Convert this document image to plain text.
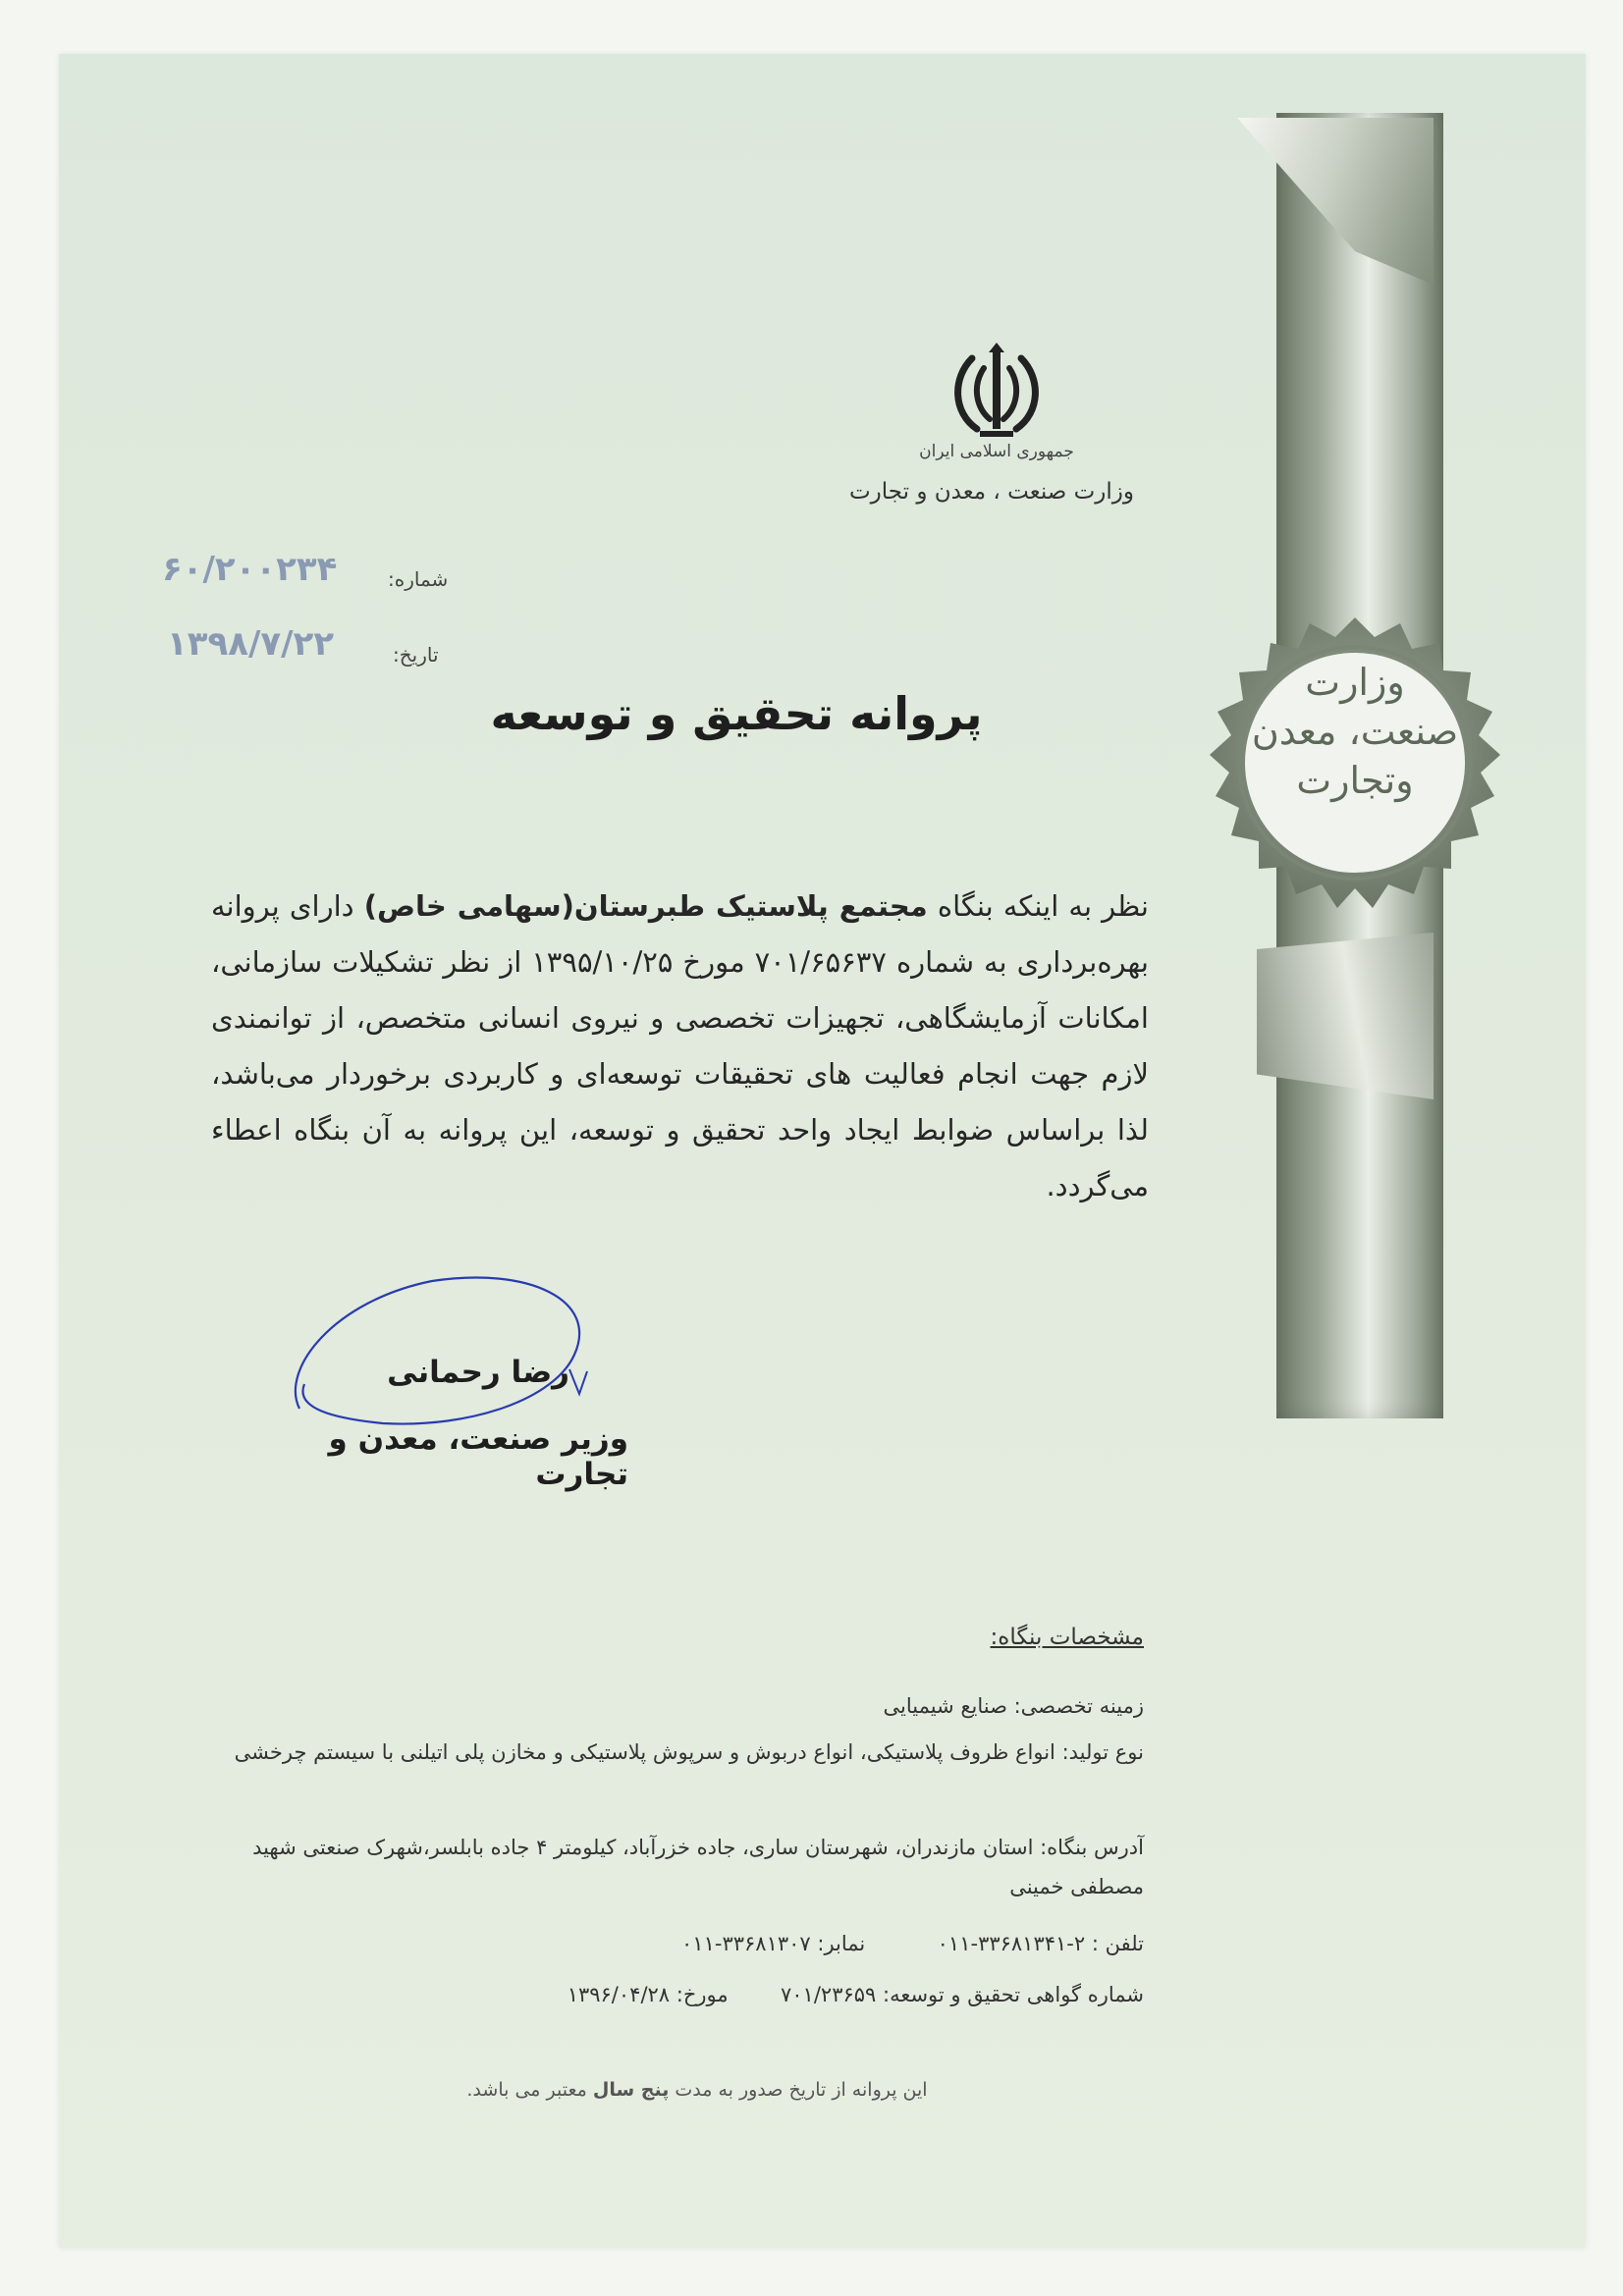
وزارت
صنعت، معدن
وتجارت
جمهوری اسلامی ایران
وزارت صنعت ، معدن و تجارت
شماره:
۶۰/۲۰۰۲۳۴
تاریخ:
۱۳۹۸/۷/۲۲
پروانه تحقیق و توسعه
نظر به اینکه بنگاه مجتمع پلاستیک طبرستان(سهامی خاص) دارای پروانه بهره‌برداری به شماره ۷۰۱/۶۵۶۳۷ مورخ ۱۳۹۵/۱۰/۲۵ از نظر تشکیلات سازمانی، امکانات آزمایشگاهی، تجهیزات تخصصی و نیروی انسانی متخصص، از توانمندی لازم جهت انجام فعالیت های تحقیقات توسعه‌ای و کاربردی برخوردار می‌باشد، لذا براساس ضوابط ایجاد واحد تحقیق و توسعه، این پروانه به آن بنگاه اعطاء می‌گردد.
رضا رحمانی
وزیر صنعت، معدن و تجارت
مشخصات بنگاه:
زمینه تخصصی: صنایع شیمیایی
نوع تولید: انواع ظروف پلاستیکی، انواع دربوش و سرپوش پلاستیکی و مخازن پلی اتیلنی با سیستم چرخشی
آدرس بنگاه: استان مازندران، شهرستان ساری، جاده خزرآباد، کیلومتر ۴ جاده بابلسر،شهرک صنعتی شهید مصطفی خمینی
تلفن : ۲-۳۳۶۸۱۳۴۱-۰۱۱  نمابر: ۳۳۶۸۱۳۰۷-۰۱۱
شماره گواهی تحقیق و توسعه: ۷۰۱/۲۳۶۵۹  مورخ: ۱۳۹۶/۰۴/۲۸
این پروانه از تاریخ صدور به مدت پنج سال معتبر می باشد.
